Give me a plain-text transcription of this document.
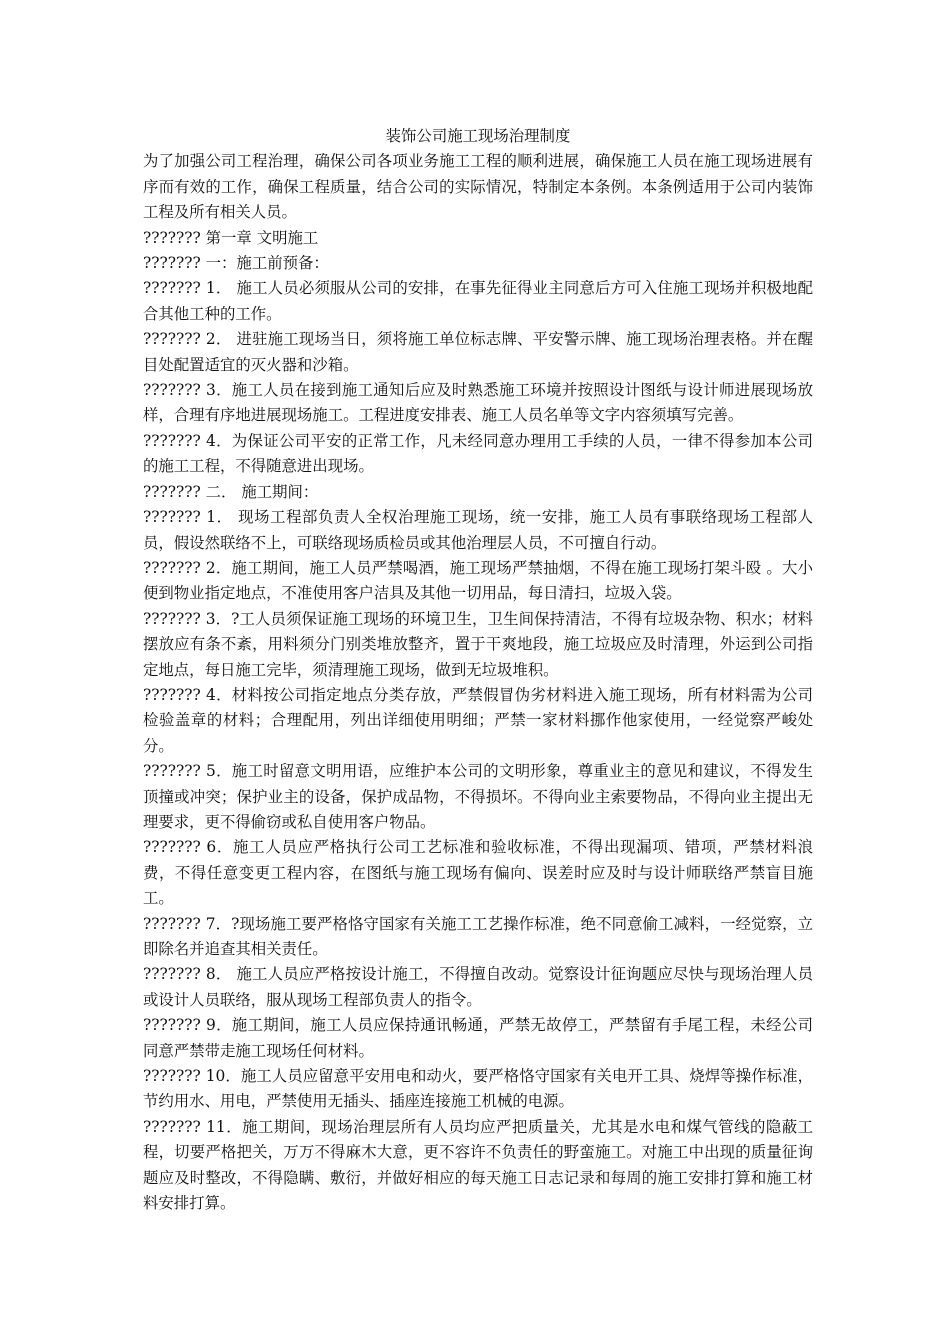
装饰公司施工现场治理制度

为了加强公司工程治理，确保公司各项业务施工工程的顺利进展，确保施工人员在施工现场进展有序而有效的工作，确保工程质量，结合公司的实际情况，特制定本条例。本条例适用于公司内装饰工程及所有相关人员。

??????? 第一章 文明施工

??????? 一：施工前预备：

??????? 1． 施工人员必须服从公司的安排，在事先征得业主同意后方可入住施工现场并积极地配合其他工种的工作。

??????? 2． 进驻施工现场当日，须将施工单位标志牌、平安警示牌、施工现场治理表格。并在醒目处配置适宜的灭火器和沙箱。

??????? 3．施工人员在接到施工通知后应及时熟悉施工环境并按照设计图纸与设计师进展现场放样，合理有序地进展现场施工。工程进度安排表、施工人员名单等文字内容须填写完善。

??????? 4．为保证公司平安的正常工作，凡未经同意办理用工手续的人员，一律不得参加本公司的施工工程，不得随意进出现场。

??????? 二． 施工期间：

??????? 1． 现场工程部负责人全权治理施工现场，统一安排，施工人员有事联络现场工程部人员，假设然联络不上，可联络现场质检员或其他治理层人员，不可擅自行动。

??????? 2．施工期间，施工人员严禁喝酒，施工现场严禁抽烟，不得在施工现场打架斗殴 。大小便到物业指定地点，不准使用客户洁具及其他一切用品，每日清扫，垃圾入袋。

??????? 3．?工人员须保证施工现场的环境卫生，卫生间保持清洁，不得有垃圾杂物、积水；材料摆放应有条不紊，用料须分门别类堆放整齐，置于干爽地段，施工垃圾应及时清理，外运到公司指定地点，每日施工完毕，须清理施工现场，做到无垃圾堆积。

??????? 4．材料按公司指定地点分类存放，严禁假冒伪劣材料进入施工现场，所有材料需为公司检验盖章的材料；合理配用，列出详细使用明细；严禁一家材料挪作他家使用，一经觉察严峻处分。

??????? 5．施工时留意文明用语，应维护本公司的文明形象，尊重业主的意见和建议，不得发生顶撞或冲突；保护业主的设备，保护成品物，不得损坏。不得向业主索要物品，不得向业主提出无理要求，更不得偷窃或私自使用客户物品。

??????? 6．施工人员应严格执行公司工艺标准和验收标准，不得出现漏项、错项，严禁材料浪费，不得任意变更工程内容，在图纸与施工现场有偏向、误差时应及时与设计师联络严禁盲目施工。

??????? 7．?现场施工要严格恪守国家有关施工工艺操作标准，绝不同意偷工减料，一经觉察，立即除名并追查其相关责任。

??????? 8． 施工人员应严格按设计施工，不得擅自改动。觉察设计征询题应尽快与现场治理人员或设计人员联络，服从现场工程部负责人的指令。

??????? 9．施工期间，施工人员应保持通讯畅通，严禁无故停工，严禁留有手尾工程，未经公司同意严禁带走施工现场任何材料。

??????? 10．施工人员应留意平安用电和动火，要严格恪守国家有关电开工具、烧焊等操作标准，节约用水、用电，严禁使用无插头、插座连接施工机械的电源。

??????? 11．施工期间，现场治理层所有人员均应严把质量关，尤其是水电和煤气管线的隐蔽工程，切要严格把关，万万不得麻木大意，更不容许不负责任的野蛮施工。对施工中出现的质量征询题应及时整改，不得隐瞒、敷衍，并做好相应的每天施工日志记录和每周的施工安排打算和施工材料安排打算。
